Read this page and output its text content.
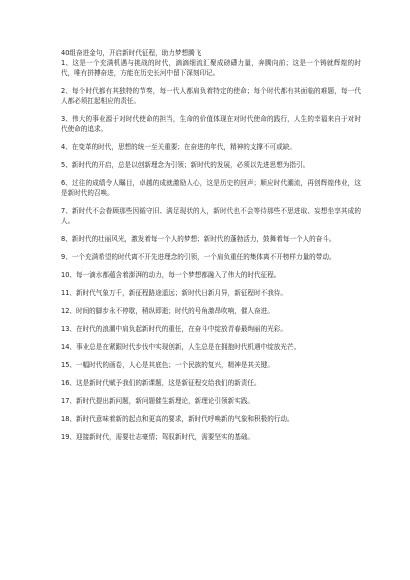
40组奋进金句，开启新时代征程，助力梦想腾飞

1、这是一个充满机遇与挑战的时代，滴滴细流汇聚成磅礴力量，奔腾向前；这是一个铸就辉煌的时代，唯有拼搏奋进，方能在历史长河中留下深刻印记。

2、每个时代都有其独特的节奏，每一代人都肩负着特定的使命；每个时代都有其面临的难题，每一代人都必须扛起相应的责任。

3、伟大的事业源于对时代使命的担当，生命的价值体现在对时代使命的践行，人生的幸福来自于对时代使命的追求。

4、在变革的时代，思想的统一至关重要；在奋进的年代，精神的支撑不可或缺。

5、新时代的开启，总是以创新理念为引领；新时代的发展，必须以先进思想为指引。

6、过往的成绩令人瞩目，卓越的成就激励人心，这是历史的回声；顺应时代潮流，再创辉煌伟业，这是新时代的召唤。

7、新时代不会眷顾那些因循守旧、满足现状的人，新时代也不会等待那些不思进取、妄想坐享其成的人。

8、新时代的壮丽风光，激发着每一个人的梦想；新时代的蓬勃活力，鼓舞着每一个人的奋斗。

9、一个充满希望的时代离不开先进理念的引领，一个肩负重任的集体离不开榜样力量的带动。

10、每一滴水都蕴含着澎湃的动力，每一个梦想都融入了伟大的时代征程。

11、新时代气象万千，新征程路途遥远；新时代日新月异，新征程时不我待。

12、时间的脚步永不停歇，稍纵即逝；时代的号角激昂吹响，催人奋进。

13、在时代的浪潮中肩负起新时代的重任，在奋斗中绽放青春最绚丽的光彩。

14、事业总是在紧跟时代步伐中实现创新，人生总是在拥抱时代机遇中绽放光芒。

15、一幅时代的画卷，人心是其底色；一个民族的复兴，精神是其关键。

16、这是新时代赋予我们的新课题，这是新征程交给我们的新责任。

17、新时代提出新问题，新问题催生新理论，新理论引领新实践。

18、新时代意味着新的起点和更高的要求，新时代呼唤新的气象和积极的行动。

19、迎接新时代，需要壮志豪情；驾驭新时代，需要坚实的基础。
